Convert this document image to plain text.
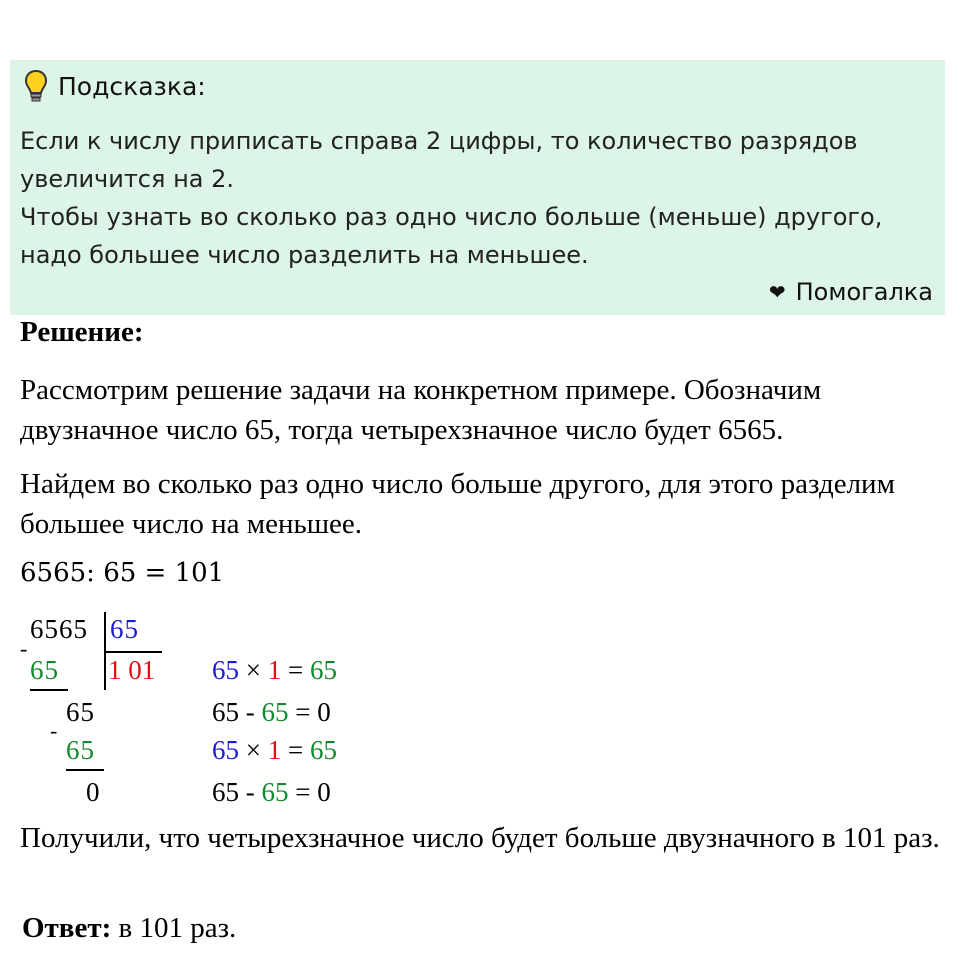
Подсказка:

Если к числу приписать справа 2 цифры, то количество разрядов увеличится на 2.

Чтобы узнать во сколько раз одно число больше (меньше) другого, надо большее число разделить на меньшее.

❤ Помогалка
Решение:

Рассмотрим решение задачи на конкретном примере. Обозначим двузначное число 65, тогда четырехзначное число будет 6565.

Найдем во сколько раз одно число больше другого, для этого разделим большее число на меньшее.

6565: 65 = 101
6565 65
-
65 1 01
65
-
65
0
65 × 1 = 65
65 - 65 = 0
65 × 1 = 65
65 - 65 = 0

Получили, что четырехзначное число будет больше двузначного в 101 раз.

Ответ: в 101 раз.
